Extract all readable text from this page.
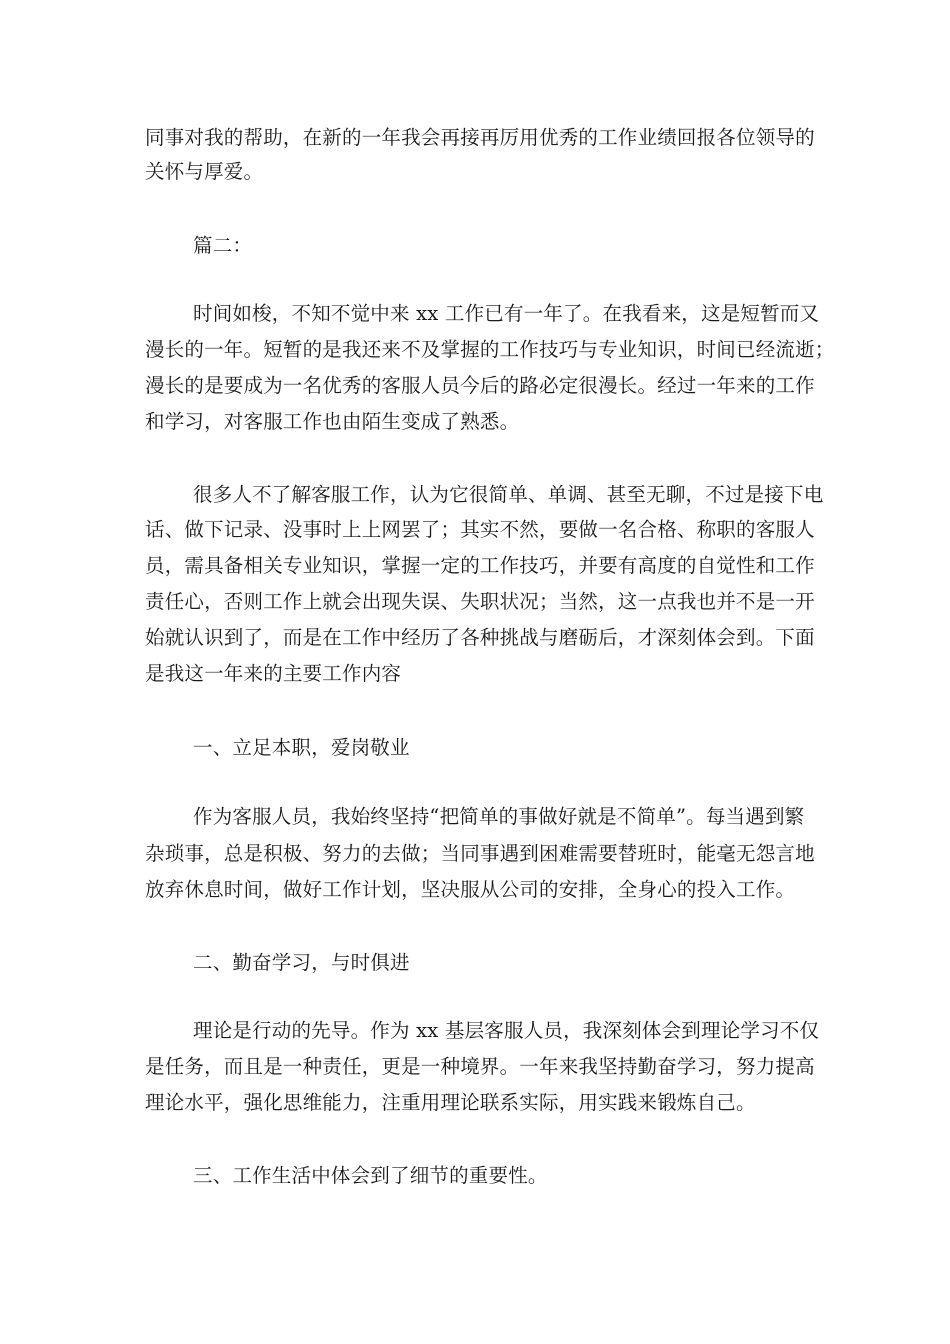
同事对我的帮助，在新的一年我会再接再厉用优秀的工作业绩回报各位领导的
关怀与厚爱。
篇二：
时间如梭，不知不觉中来 xx 工作已有一年了。在我看来，这是短暂而又
漫长的一年。短暂的是我还来不及掌握的工作技巧与专业知识，时间已经流逝；
漫长的是要成为一名优秀的客服人员今后的路必定很漫长。经过一年来的工作
和学习，对客服工作也由陌生变成了熟悉。
很多人不了解客服工作，认为它很简单、单调、甚至无聊，不过是接下电
话、做下记录、没事时上上网罢了；其实不然，要做一名合格、称职的客服人
员，需具备相关专业知识，掌握一定的工作技巧，并要有高度的自觉性和工作
责任心，否则工作上就会出现失误、失职状况；当然，这一点我也并不是一开
始就认识到了，而是在工作中经历了各种挑战与磨砺后，才深刻体会到。下面
是我这一年来的主要工作内容
一、立足本职，爱岗敬业
作为客服人员，我始终坚持“把简单的事做好就是不简单”。每当遇到繁
杂琐事，总是积极、努力的去做；当同事遇到困难需要替班时，能毫无怨言地
放弃休息时间，做好工作计划，坚决服从公司的安排，全身心的投入工作。
二、勤奋学习，与时俱进
理论是行动的先导。作为 xx 基层客服人员，我深刻体会到理论学习不仅
是任务，而且是一种责任，更是一种境界。一年来我坚持勤奋学习，努力提高
理论水平，强化思维能力，注重用理论联系实际，用实践来锻炼自己。
三、工作生活中体会到了细节的重要性。
